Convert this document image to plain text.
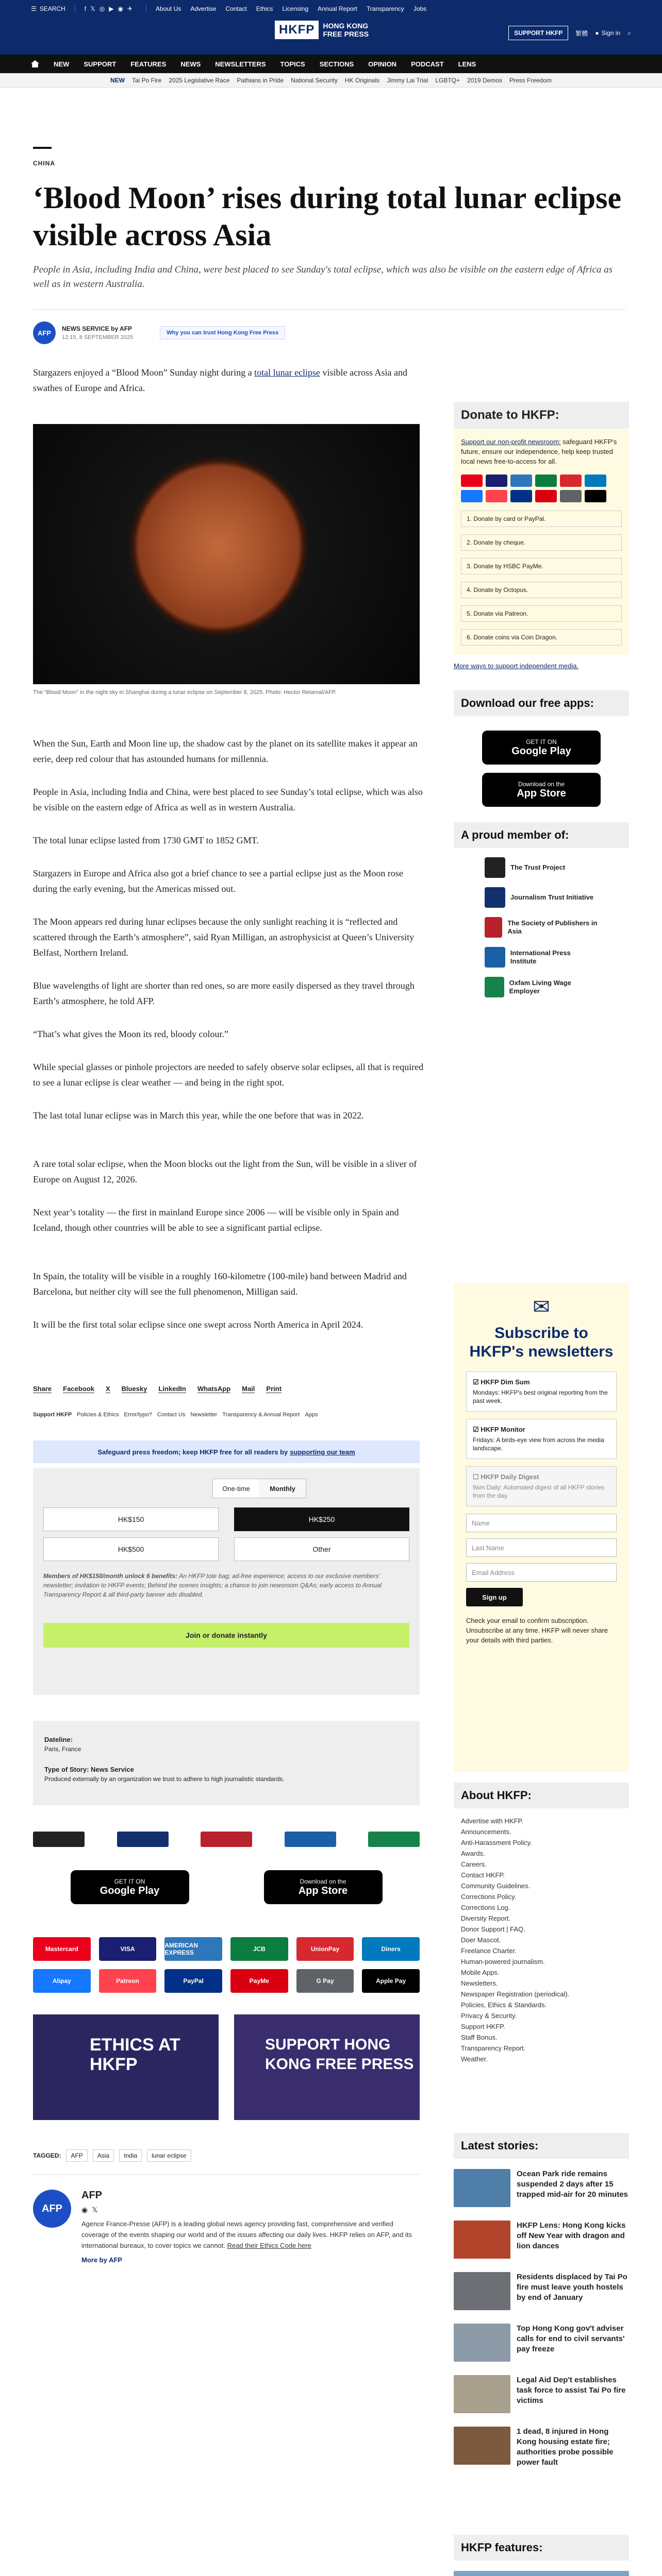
☰ SEARCH	f𝕏◎▶◉✈	About Us Advertise Contact Ethics Licensing Annual Report Transparency Jobs
HKFP	HONG KONG
FREE PRESS	SUPPORT HKFP	繁體 ● Sign in ⌕
NEW SUPPORT FEATURES NEWS NEWSLETTERS TOPICS SECTIONS OPINION PODCAST LENS
NEW Tai Po Fire 2025 Legislative Race Pathians in Pride National Security HK Originals Jimmy Lai Trial LGBTQ+ 2019 Demos Press Freedom
CHINA
‘Blood Moon’ rises during total lunar eclipse visible across Asia

People in Asia, including India and China, were best placed to see Sunday's total eclipse, which was also be visible on the eastern edge of Africa as well as in western Australia.

AFP
NEWS SERVICE by AFP
12:15, 8 SEPTEMBER 2025
Why you can trust Hong Kong Free Press

Stargazers enjoyed a “Blood Moon” Sunday night during a total lunar eclipse visible across Asia and swathes of Europe and Africa.

The “Blood Moon” in the night sky in Shanghai during a lunar eclipse on September 8, 2025. Photo: Hector Retamal/AFP.

When the Sun, Earth and Moon line up, the shadow cast by the planet on its satellite makes it appear an eerie, deep red colour that has astounded humans for millennia.

People in Asia, including India and China, were best placed to see Sunday’s total eclipse, which was also be visible on the eastern edge of Africa as well as in western Australia.

The total lunar eclipse lasted from 1730 GMT to 1852 GMT.

Stargazers in Europe and Africa also got a brief chance to see a partial eclipse just as the Moon rose during the early evening, but the Americas missed out.

The Moon appears red during lunar eclipses because the only sunlight reaching it is “reflected and scattered through the Earth’s atmosphere”, said Ryan Milligan, an astrophysicist at Queen’s University Belfast, Northern Ireland.

Blue wavelengths of light are shorter than red ones, so are more easily dispersed as they travel through Earth’s atmosphere, he told AFP.

“That’s what gives the Moon its red, bloody colour.”

While special glasses or pinhole projectors are needed to safely observe solar eclipses, all that is required to see a lunar eclipse is clear weather — and being in the right spot.

The last total lunar eclipse was in March this year, while the one before that was in 2022.

A rare total solar eclipse, when the Moon blocks out the light from the Sun, will be visible in a sliver of Europe on August 12, 2026.

Next year’s totality — the first in mainland Europe since 2006 — will be visible only in Spain and Iceland, though other countries will be able to see a significant partial eclipse.

In Spain, the totality will be visible in a roughly 160-kilometre (100-mile) band between Madrid and Barcelona, but neither city will see the full phenomenon, Milligan said.

It will be the first total solar eclipse since one swept across North America in April 2024.

Share Facebook X Bluesky LinkedIn WhatsApp Mail Print
Support HKFP Policies & Ethics Error/typo? Contact Us Newsletter Transparency & Annual Report Apps
Safeguard press freedom; keep HKFP free for all readers by supporting our team
One-time	Monthly
HK$150	HK$250
HK$500	Other

Members of HK$150/month unlock 6 benefits: An HKFP tote bag; ad-free experience; access to our exclusive members' newsletter; invitation to HKFP events; Behind the scenes insights; a chance to join newsroom Q&As; early access to Annual Transparency Report & all third-party banner ads disabled.

Join or donate instantly
Dateline:

Paris, France

Type of Story: News Service

Produced externally by an organization we trust to adhere to high journalistic standards.

GET IT ON
Google Play
Download on the
App Store
Mastercard	VISA	AMERICAN EXPRESS	JCB	UnionPay	Diners
Alipay	Patreon	PayPal	PayMe	G Pay	Apple Pay
ETHICS AT HKFP
SUPPORT HONG KONG FREE PRESS
TAGGED:	AFP	Asia	India	lunar eclipse
AFP
AFP
◉𝕏

Agence France-Presse (AFP) is a leading global news agency providing fast, comprehensive and verified coverage of the events shaping our world and of the issues affecting our daily lives. HKFP relies on AFP, and its international bureaux, to cover topics we cannot. Read their Ethics Code here

More by AFP
Donate to HKFP:

Support our non-profit newsroom: safeguard HKFP's future, ensure our independence, help keep trusted local news free-to-access for all.

1. Donate by card or PayPal.
2. Donate by cheque.
3. Donate by HSBC PayMe.
4. Donate by Octopus.
5. Donate via Patreon.
6. Donate coins via Coin Dragon.
More ways to support independent media.
Download our free apps:
GET IT ON
Google Play
Download on the
App Store
A proud member of:
The Trust Project
Journalism Trust Initiative
The Society of Publishers in Asia
International Press Institute
Oxfam Living Wage Employer
✉
Subscribe to HKFP's newsletters
☑ HKFP Dim Sum
Mondays: HKFP's best original reporting from the past week.
☑ HKFP Monitor
Fridays: A birds-eye view from across the media landscape.
☐ HKFP Daily Digest
9am Daily: Automated digest of all HKFP stories from the day.
Name
Last Name
Email Address
Sign up

Check your email to confirm subscription. Unsubscribe at any time. HKFP will never share your details with third parties.

About HKFP:
Advertise with HKFP.
Announcements.
Anti-Harassment Policy.
Awards.
Careers.
Contact HKFP.
Community Guidelines.
Corrections Policy.
Corrections Log.
Diversity Report.
Donor Support | FAQ.
Doer Mascot.
Freelance Charter.
Human-powered journalism.
Mobile Apps.
Newsletters.
Newspaper Registration (periodical).
Policies, Ethics & Standards.
Privacy & Security.
Support HKFP.
Staff Bonus.
Transparency Report.
Weather.
Latest stories:
Ocean Park ride remains suspended 2 days after 15 trapped mid-air for 20 minutes
HKFP Lens: Hong Kong kicks off New Year with dragon and lion dances
Residents displaced by Tai Po fire must leave youth hostels by end of January
Top Hong Kong gov't adviser calls for end to civil servants' pay freeze
Legal Aid Dep't establishes task force to assist Tai Po fire victims
1 dead, 8 injured in Hong Kong housing estate fire; authorities probe possible power fault
HKFP features:
